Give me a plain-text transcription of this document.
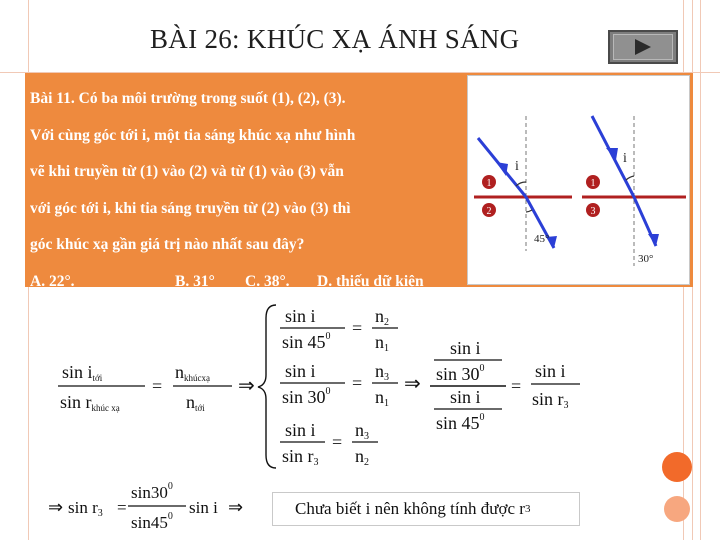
BÀI 26: KHÚC XẠ ÁNH SÁNG

Bài 11. Có ba môi trường trong suốt (1), (2), (3).

Với cùng góc tới i, một tia sáng khúc xạ như hình

vẽ khi truyền từ (1) vào (2) và từ (1) vào (3) vẫn

với góc tới i, khi tia sáng truyền từ (2) vào (3) thì

góc khúc xạ gần giá trị nào nhất sau đây?

A. 22°.	B. 31° C. 38°. D. thiếu dữ kiện

i
1
2
45°
i
1
3
30°
sin itới
sin rkhúc xạ
=
nkhúcxạ
ntới
⇒
sin i
$\sin 45^0$ =
n2
n1
sin i
$\sin 30^0$ =
n3
n1
⇒
sin i
sin r3
=
n3
n2
sin i
$\sin 30^0$
sin i
$\sin 45^0$
=
sin i
sin r3
⇒ sin r3 =
$\sin 30^0$
$\sin 45^0$ sin i ⇒	Chưa biết i nên không tính được r 3
